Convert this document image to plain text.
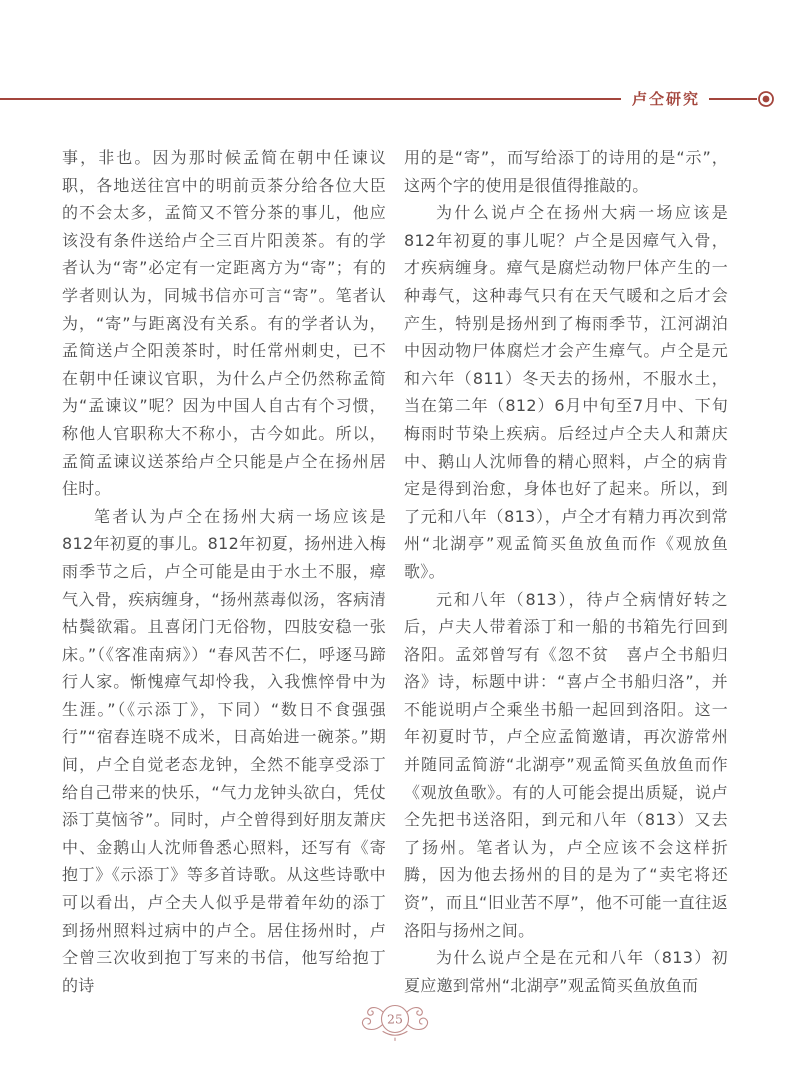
卢仝研究

事，非也。因为那时候孟简在朝中任谏议职，各地送往宫中的明前贡茶分给各位大臣的不会太多，孟简又不管分茶的事儿，他应该没有条件送给卢仝三百片阳羡茶。有的学者认为“寄”必定有一定距离方为“寄”；有的学者则认为，同城书信亦可言“寄”。笔者认为，“寄”与距离没有关系。有的学者认为，孟简送卢仝阳羡茶时，时任常州刺史，已不在朝中任谏议官职，为什么卢仝仍然称孟简为“孟谏议”呢？因为中国人自古有个习惯，称他人官职称大不称小，古今如此。所以，孟简孟谏议送茶给卢仝只能是卢仝在扬州居住时。

笔者认为卢仝在扬州大病一场应该是812年初夏的事儿。812年初夏，扬州进入梅雨季节之后，卢仝可能是由于水土不服，瘴气入骨，疾病缠身，“扬州蒸毒似汤，客病清枯鬓欲霜。且喜闭门无俗物，四肢安稳一张床。”（《客准南病》）“春风苦不仁，呼逐马蹄行人家。惭愧瘴气却怜我，入我憔悴骨中为生涯。”（《示添丁》，下同）“数日不食强强行”“宿舂连晓不成米，日高始进一碗茶。”期间，卢仝自觉老态龙钟，全然不能享受添丁给自己带来的快乐，“气力龙钟头欲白，凭仗添丁莫恼爷”。同时，卢仝曾得到好朋友萧庆中、金鹅山人沈师鲁悉心照料，还写有《寄抱丁》《示添丁》等多首诗歌。从这些诗歌中可以看出，卢仝夫人似乎是带着年幼的添丁到扬州照料过病中的卢仝。居住扬州时，卢仝曾三次收到抱丁写来的书信，他写给抱丁的诗

用的是“寄”，而写给添丁的诗用的是“示”，这两个字的使用是很值得推敲的。

为什么说卢仝在扬州大病一场应该是812年初夏的事儿呢？卢仝是因瘴气入骨，才疾病缠身。瘴气是腐烂动物尸体产生的一种毒气，这种毒气只有在天气暖和之后才会产生，特别是扬州到了梅雨季节，江河湖泊中因动物尸体腐烂才会产生瘴气。卢仝是元和六年（811）冬天去的扬州，不服水土，当在第二年（812）6月中旬至7月中、下旬梅雨时节染上疾病。后经过卢仝夫人和萧庆中、鹅山人沈师鲁的精心照料，卢仝的病肯定是得到治愈，身体也好了起来。所以，到了元和八年（813），卢仝才有精力再次到常州“北湖亭”观孟简买鱼放鱼而作《观放鱼歌》。

元和八年（813），待卢仝病情好转之后，卢夫人带着添丁和一船的书箱先行回到洛阳。孟郊曾写有《忽不贫　喜卢仝书船归洛》诗，标题中讲：“喜卢仝书船归洛”，并不能说明卢仝乘坐书船一起回到洛阳。这一年初夏时节，卢仝应孟简邀请，再次游常州并随同孟简游“北湖亭”观孟简买鱼放鱼而作《观放鱼歌》。有的人可能会提出质疑，说卢仝先把书送洛阳，到元和八年（813）又去了扬州。笔者认为，卢仝应该不会这样折腾，因为他去扬州的目的是为了“卖宅将还资”，而且“旧业苦不厚”，他不可能一直往返洛阳与扬州之间。

为什么说卢仝是在元和八年（813）初夏应邀到常州“北湖亭”观孟简买鱼放鱼而

25
